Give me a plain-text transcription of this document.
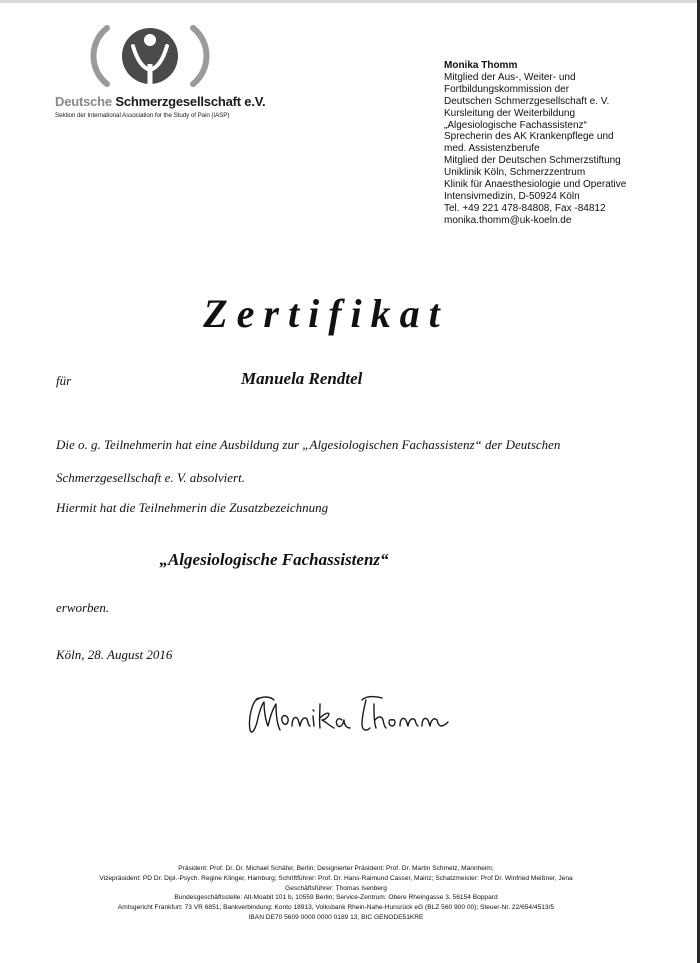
Deutsche Schmerzgesellschaft e.V.
Sektion der International Association for the Study of Pain (IASP)
Monika Thomm
Mitglied der Aus-, Weiter- und
Fortbildungskommission der
Deutschen Schmerzgesellschaft e. V.
Kursleitung der Weiterbildung
„Algesiologische Fachassistenz“
Sprecherin des AK Krankenpflege und
med. Assistenzberufe
Mitglied der Deutschen Schmerzstiftung
Uniklinik Köln, Schmerzzentrum
Klinik für Anaesthesiologie und Operative
Intensivmedizin, D-50924 Köln
Tel. +49 221 478-84808, Fax -84812
monika.thomm@uk-koeln.de
Zertifikat
für	Manuela Rendtel
Die o. g. Teilnehmerin hat eine Ausbildung zur „Algesiologischen Fachassistenz“ der Deutschen
Schmerzgesellschaft e. V. absolviert.
Hiermit hat die Teilnehmerin die Zusatzbezeichnung
„Algesiologische Fachassistenz“
erworben.
Köln, 28. August 2016
Präsident: Prof. Dr. Dr. Michael Schäfer, Berlin; Designierter Präsident: Prof. Dr. Martin Schmelz, Mannheim;
Vizepräsident: PD Dr. Dipl.-Psych. Regine Klinger, Hamburg; Schriftführer: Prof. Dr. Hans-Raimund Casser, Mainz; Schatzmeister: Prof Dr. Winfried Meißner, Jena
Geschäftsführer: Thomas Isenberg
Bundesgeschäftsstelle: Alt-Moabit 101 b, 10559 Berlin; Service-Zentrum: Obere Rheingasse 3, 56154 Boppard
Amtsgericht Frankfurt: 73 VR 6851; Bankverbindung: Konto 18913, Volksbank Rhein-Nahe-Hunsrück eG (BLZ 560 900 00); Steuer-Nr. 22/654/4513/5
IBAN DE70 5609 0000 0000 0189 13, BIC GENODE51KRE
